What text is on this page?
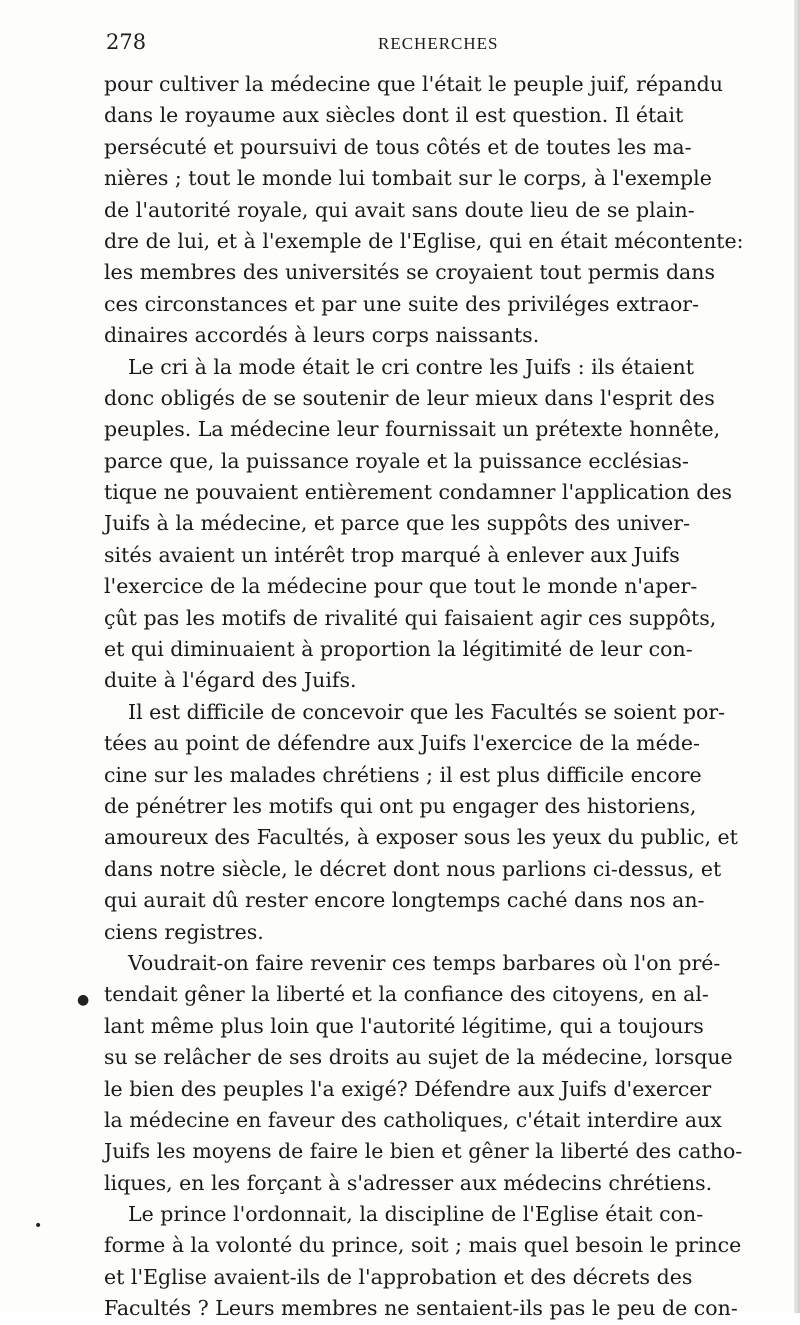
278	RECHERCHES
pour cultiver la médecine que l'était le peuple juif, répandu
dans le royaume aux siècles dont il est question. Il était
persécuté et poursuivi de tous côtés et de toutes les ma-
nières ; tout le monde lui tombait sur le corps, à l'exemple
de l'autorité royale, qui avait sans doute lieu de se plain-
dre de lui, et à l'exemple de l'Eglise, qui en était mécontente:
les membres des universités se croyaient tout permis dans
ces circonstances et par une suite des priviléges extraor-
dinaires accordés à leurs corps naissants.
Le cri à la mode était le cri contre les Juifs : ils étaient
donc obligés de se soutenir de leur mieux dans l'esprit des
peuples. La médecine leur fournissait un prétexte honnête,
parce que, la puissance royale et la puissance ecclésias-
tique ne pouvaient entièrement condamner l'application des
Juifs à la médecine, et parce que les suppôts des univer-
sités avaient un intérêt trop marqué à enlever aux Juifs
l'exercice de la médecine pour que tout le monde n'aper-
çût pas les motifs de rivalité qui faisaient agir ces suppôts,
et qui diminuaient à proportion la légitimité de leur con-
duite à l'égard des Juifs.
Il est difficile de concevoir que les Facultés se soient por-
tées au point de défendre aux Juifs l'exercice de la méde-
cine sur les malades chrétiens ; il est plus difficile encore
de pénétrer les motifs qui ont pu engager des historiens,
amoureux des Facultés, à exposer sous les yeux du public, et
dans notre siècle, le décret dont nous parlions ci-dessus, et
qui aurait dû rester encore longtemps caché dans nos an-
ciens registres.
Voudrait-on faire revenir ces temps barbares où l'on pré-
tendait gêner la liberté et la confiance des citoyens, en al-
lant même plus loin que l'autorité légitime, qui a toujours
su se relâcher de ses droits au sujet de la médecine, lorsque
le bien des peuples l'a exigé? Défendre aux Juifs d'exercer
la médecine en faveur des catholiques, c'était interdire aux
Juifs les moyens de faire le bien et gêner la liberté des catho-
liques, en les forçant à s'adresser aux médecins chrétiens.
Le prince l'ordonnait, la discipline de l'Eglise était con-
forme à la volonté du prince, soit ; mais quel besoin le prince
et l'Eglise avaient-ils de l'approbation et des décrets des
Facultés ? Leurs membres ne sentaient-ils pas le peu de con-
●
•
